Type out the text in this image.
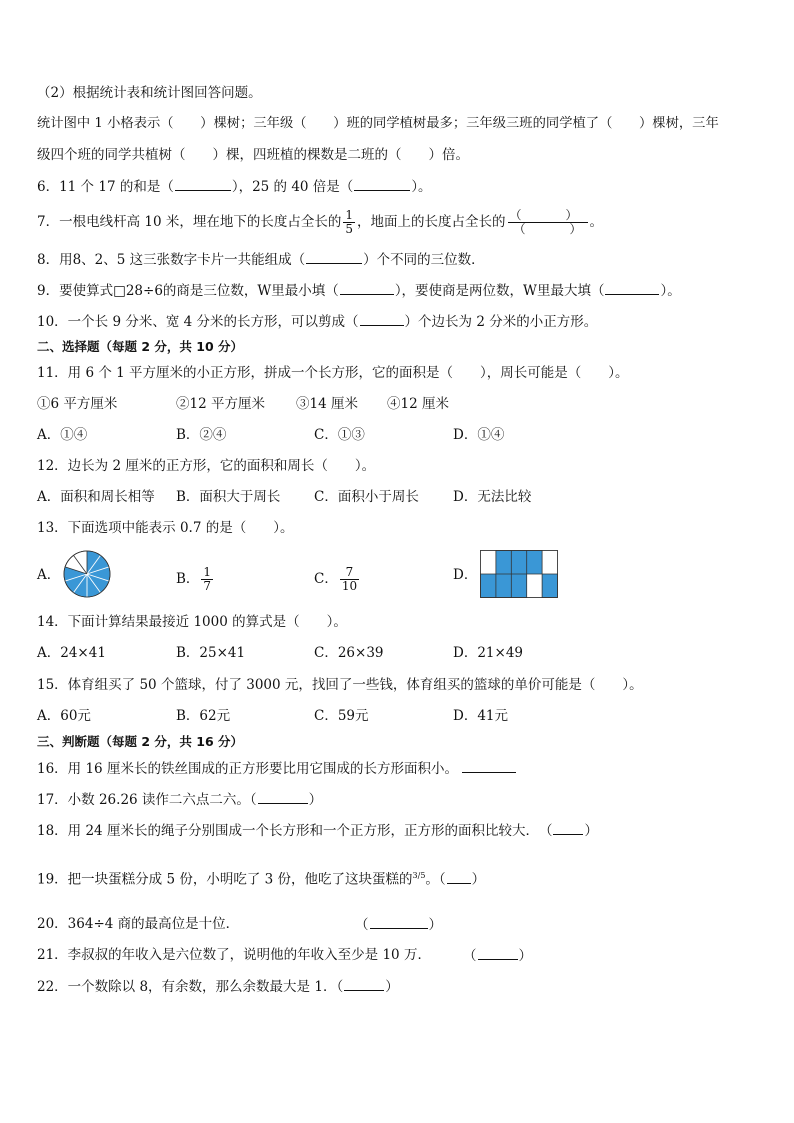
（2）根据统计表和统计图回答问题。
统计图中 1 小格表示（　　）棵树；三年级（　　）班的同学植树最多；三年级三班的同学植了（　　）棵树，三年
级四个班的同学共植树（　　）棵，四班植的棵数是二班的（　　）倍。
6．11 个 17 的和是（	），25 的 40 倍是（	）。
7．一根电线杆高 10 米，埋在地下的长度占全长的 $\frac{1}{5}$ ，地面上的长度占全长的 （	）
（	） 。
8．用8、2、5 这三张数字卡片一共能组成（	）个不同的三位数．
9．要使算式□28÷6的商是三位数，W里最小填（	），要使商是两位数，W里最大填（	）。
10．一个长 9 分米、宽 4 分米的长方形，可以剪成（	）个边长为 2 分米的小正方形。
二、选择题（每题 2 分，共 10 分）
11．用 6 个 1 平方厘米的小正方形，拼成一个长方形，它的面积是（　　），周长可能是（　　）。
①6 平方厘米	②12 平方厘米 ③14 厘米 ④12 厘米
A．①④	B．②④	C．①③	D．①④
12．边长为 2 厘米的正方形，它的面积和周长（　　）。
A．面积和周长相等 B．面积大于周长 C．面积小于周长	D．无法比较
13．下面选项中能表示 0.7 的是（　　）。
A．	B． $\frac{1}{7}$	C． $\frac{7}{10}$	D．
14．下面计算结果最接近 1000 的算式是（　　）。
A．24×41	B．25×41	C．26×39	D．21×49
15．体育组买了 50 个篮球，付了 3000 元，找回了一些钱，体育组买的篮球的单价可能是（　　）。
A．60元	B．62元	C．59元	D．41元
三、判断题（每题 2 分，共 16 分）
16．用 16 厘米长的铁丝围成的正方形要比用它围成的长方形面积小。
17．小数 26.26 读作二六点二六。（	）
18．用 24 厘米长的绳子分别围成一个长方形和一个正方形，正方形的面积比较大．　（ ）
19．把一块蛋糕分成 5 份，小明吃了 3 份，他吃了这块蛋糕的$^{3/5}$。（ ）
20．364÷4 商的最高位是十位．	（	）
21．李叔叔的年收入是六位数了，说明他的年收入至少是 10 万． （	）
22．一个数除以 8，有余数，那么余数最大是 1．（	）
